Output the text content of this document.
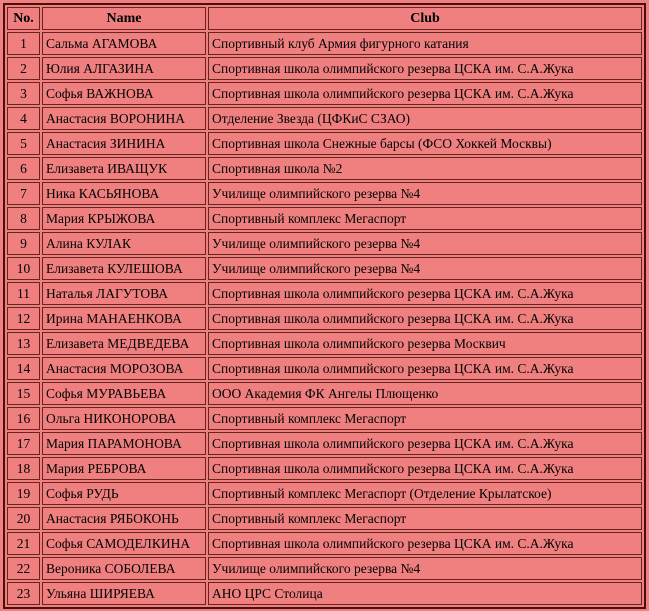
No.	Name	Club
1	Сальма АГАМОВА	Спортивный клуб Армия фигурного катания
2	Юлия АЛГАЗИНА	Спортивная школа олимпийского резерва ЦСКА им. С.А.Жука
3	Софья ВАЖНОВА	Спортивная школа олимпийского резерва ЦСКА им. С.А.Жука
4	Анастасия ВОРОНИНА	Отделение Звезда (ЦФКиС СЗАО)
5	Анастасия ЗИНИНА	Спортивная школа Снежные барсы (ФСО Хоккей Москвы)
6	Елизавета ИВАЩУК	Спортивная школа №2
7	Ника КАСЬЯНОВА	Училище олимпийского резерва №4
8	Мария КРЫЖОВА	Спортивный комплекс Мегаспорт
9	Алина КУЛАК	Училище олимпийского резерва №4
10	Елизавета КУЛЕШОВА	Училище олимпийского резерва №4
11	Наталья ЛАГУТОВА	Спортивная школа олимпийского резерва ЦСКА им. С.А.Жука
12	Ирина МАНАЕНКОВА	Спортивная школа олимпийского резерва ЦСКА им. С.А.Жука
13	Елизавета МЕДВЕДЕВА	Спортивная школа олимпийского резерва Москвич
14	Анастасия МОРОЗОВА	Спортивная школа олимпийского резерва ЦСКА им. С.А.Жука
15	Софья МУРАВЬЕВА	ООО Академия ФК Ангелы Плющенко
16	Ольга НИКОНОРОВА	Спортивный комплекс Мегаспорт
17	Мария ПАРАМОНОВА	Спортивная школа олимпийского резерва ЦСКА им. С.А.Жука
18	Мария РЕБРОВА	Спортивная школа олимпийского резерва ЦСКА им. С.А.Жука
19	Софья РУДЬ	Спортивный комплекс Мегаспорт (Отделение Крылатское)
20	Анастасия РЯБОКОНЬ	Спортивный комплекс Мегаспорт
21	Софья САМОДЕЛКИНА	Спортивная школа олимпийского резерва ЦСКА им. С.А.Жука
22	Вероника СОБОЛЕВА	Училище олимпийского резерва №4
23	Ульяна ШИРЯЕВА	АНО ЦРС Столица
